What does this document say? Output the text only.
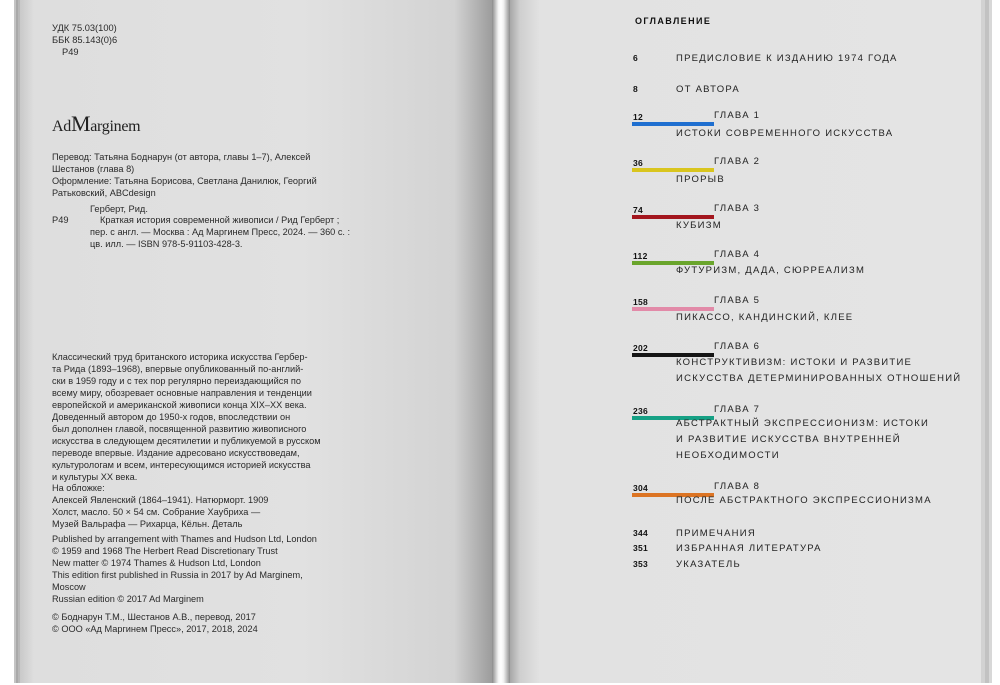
УДК 75.03(100)
ББК 85.143(0)6
Р49
AdMarginem
Перевод: Татьяна Боднарун (от автора, главы 1–7), Алексей
Шестанов (глава 8)
Оформление: Татьяна Борисова, Светлана Данилюк, Георгий
Ратьковский, ABCdesign
Герберт, Рид.
Р49	Краткая история современной живописи / Рид Герберт ;
пер. с англ. — Москва : Ад Маргинем Пресс, 2024. — 360 с. :
цв. илл. — ISBN 978-5-91103-428-3.
Классический труд британского историка искусства Гербер-
та Рида (1893–1968), впервые опубликованный по-англий-
ски в 1959 году и с тех пор регулярно переиздающийся по
всему миру, обозревает основные направления и тенденции
европейской и американской живописи конца XIX–XX века.
Доведенный автором до 1950-х годов, впоследствии он
был дополнен главой, посвященной развитию живописного
искусства в следующем десятилетии и публикуемой в русском
переводе впервые. Издание адресовано искусствоведам,
культурологам и всем, интересующимся историей искусства
и культуры XX века.
На обложке:
Алексей Явленский (1864–1941). Натюрморт. 1909
Холст, масло. 50 × 54 см. Собрание Хаубриха —
Музей Вальрафа — Рихарца, Кёльн. Деталь
Published by arrangement with Thames and Hudson Ltd, London
© 1959 and 1968 The Herbert Read Discretionary Trust
New matter © 1974 Thames & Hudson Ltd, London
This edition first published in Russia in 2017 by Ad Marginem,
Moscow
Russian edition © 2017 Ad Marginem
© Боднарун Т.М., Шестанов А.В., перевод, 2017
© ООО «Ад Маргинем Пресс», 2017, 2018, 2024
ОГЛАВЛЕНИЕ
6	ПРЕДИСЛОВИЕ К ИЗДАНИЮ 1974 ГОДА
8	ОТ АВТОРА
12	ГЛАВА 1
ИСТОКИ СОВРЕМЕННОГО ИСКУССТВА
36	ГЛАВА 2
ПРОРЫВ
74	ГЛАВА 3
КУБИЗМ
112	ГЛАВА 4
ФУТУРИЗМ, ДАДА, СЮРРЕАЛИЗМ
158	ГЛАВА 5
ПИКАССО, КАНДИНСКИЙ, КЛЕЕ
202	ГЛАВА 6
КОНСТРУКТИВИЗМ: ИСТОКИ И РАЗВИТИЕ
ИСКУССТВА ДЕТЕРМИНИРОВАННЫХ ОТНОШЕНИЙ
236	ГЛАВА 7
АБСТРАКТНЫЙ ЭКСПРЕССИОНИЗМ: ИСТОКИ
И РАЗВИТИЕ ИСКУССТВА ВНУТРЕННЕЙ
НЕОБХОДИМОСТИ
304	ГЛАВА 8
ПОСЛЕ АБСТРАКТНОГО ЭКСПРЕССИОНИЗМА
344	ПРИМЕЧАНИЯ
351	ИЗБРАННАЯ ЛИТЕРАТУРА
353	УКАЗАТЕЛЬ
